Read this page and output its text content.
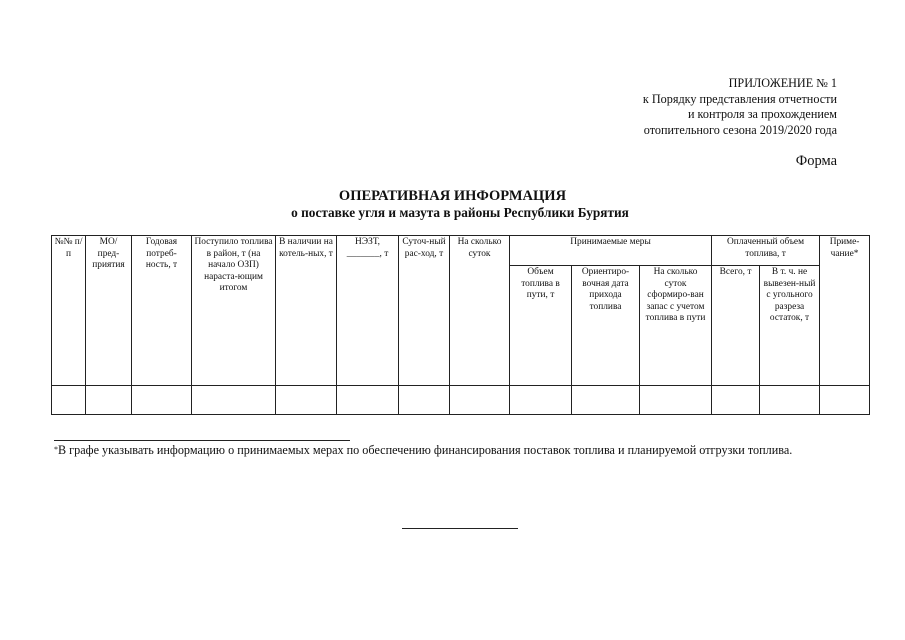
ПРИЛОЖЕНИЕ № 1
к Порядку представления отчетности
и контроля за прохождением
отопительного сезона 2019/2020 года
Форма
ОПЕРАТИВНАЯ ИНФОРМАЦИЯ
о поставке угля и мазута в районы Республики Бурятия
№№ п/п	МО/ пред-приятия	Годовая потреб-ность, т	Поступило топлива в район, т (на начало ОЗП) нараста-ющим итогом	В наличии на котель-ных, т	НЭЗТ, _______, т	Суточ-ный рас-ход, т	На сколько суток	Принимаемые меры			Оплаченный объем топлива, т		Приме-чание*
								Объем топлива в пути, т	Ориентиро-вочная дата прихода топлива	На сколько суток сформиро-ван запас с учетом топлива в пути	Всего, т	В т. ч. не вывезен-ный с угольного разреза остаток, т	

*В графе указывать информацию о принимаемых мерах по обеспечению финансирования поставок топлива и планируемой отгрузки топлива.
